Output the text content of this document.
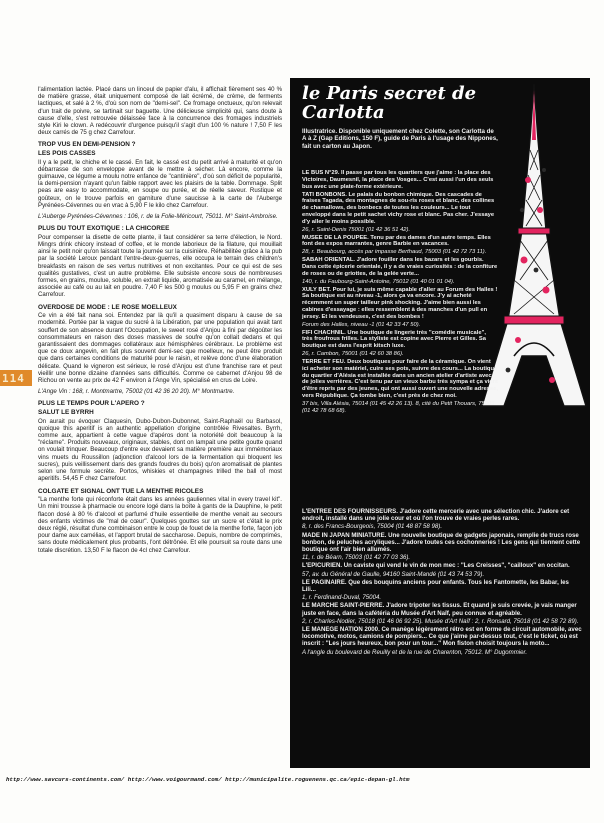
114

l'alimentation lactée. Placé dans un linceul de papier d'alu, il affichait fièrement ses 40 % de matière grasse, était uniquement composé de lait écrémé, de crème, de ferments lactiques, et salé à 2 %, d'où son nom de "demi-sel". Ce fromage onctueux, qu'on relevait d'un trait de poivre, se tartinait sur baguette. Une délicieuse simplicité qui, sans doute à cause d'elle, s'est retrouvée délaissée face à la concurrence des fromages industriels style Kiri le clown. A redécouvrir d'urgence puisqu'il s'agit d'un 100 % nature ! 7,50 F les deux carrés de 75 g chez Carrefour.

TROP VUS EN DEMI-PENSION ?
LES POIS CASSES

Il y a le petit, le chiche et le cassé. En fait, le cassé est du petit arrivé à maturité et qu'on débarrasse de son enveloppe avant de le mettre à sécher. Là encore, comme la guimauve, ce légume a moulu notre enfance de "cantinière", d'où son déficit de popularité, la demi-pension n'ayant qu'un faible rapport avec les plaisirs de la table. Dommage. Split peas are easy to accommodate, en soupe ou purée, et de réelle saveur. Rustique et goûteux, on le trouve parfois en garniture d'une saucisse à la carte de l'Auberge Pyrénées-Cévennes ou en vrac à 5,90 F le kilo chez Carrefour.

L'Auberge Pyrénées-Cévennes : 106, r. de la Folie-Méricourt, 75011. M° Saint-Ambroise.

PLUS DU TOUT EXOTIQUE : LA CHICOREE

Pour compenser la disette de cette plante, il faut considérer sa terre d'élection, le Nord. Mingrs drink chicory instead of coffee, et le monde laborieux de la filature, qui mouillait ainsi le petit noir qu'on laissait toute la journée sur la cuisinière. Réhabilitée grâce à la pub par la société Leroux pendant l'entre-deux-guerres, elle occupa le terrain des children's breakfasts en raison de ses vertus nutritives et non excitantes. Pour ce qui est de ses qualités gustatives, c'est un autre problème. Elle subsiste encore sous de nombreuses formes, en grains, moulue, soluble, en extrait liquide, aromatisée au caramel, en mélange, associée au café ou au lait en poudre. 7,40 F les 500 g moulus ou 5,95 F en grains chez Carrefour.

OVERDOSE DE MODE : LE ROSE MOELLEUX

Ce vin a été fait nana soi. Entendez par là qu'il a quasiment disparu à cause de sa modernité. Portée par la vague du sucré à la Libération, par une population qui avait tant souffert de son absence durant l'Occupation, le sweet rosé d'Anjou à fini par dégoûter les consommateurs en raison des doses massives de soufre qu'on collait dedans et qui garantissaient des dommages collatéraux aux hémisphères cérébraux. Le problème est que ce doux angevin, en fait plus souvent demi-sec que moelleux, ne peut être produit que dans certaines conditions de maturité pour le raisin, et relève donc d'une élaboration délicate. Quand le vigneron est sérieux, le rosé d'Anjou est d'une franchise rare et peut vieillir une bonne dizaine d'années sans difficultés. Comme ce cabernet d'Anjou 98 de Richou on vente au prix de 42 F environ à l'Ange Vin, spécialisé en crus de Loire.

L'Ange Vin : 168, r. Montmartre, 75002 (01 42 36 20 20). M° Montmartre.

PLUS LE TEMPS POUR L'APERO ?
SALUT LE BYRRH

On aurait pu évoquer Claquesin, Dubo-Dubon-Dubonnet, Saint-Raphaël ou Barbasol, quoique this aperitif is an authentic appellation d'origine contrôlée Rivesaltes. Byrrh, comme aux, appartient à cette vague d'apéros dont la notoriété doit beaucoup à la "réclame". Produits nouveaux, originaux, stables, dont on lampait une petite goutte quand on voulait trinquer. Beaucoup d'entre eux devaient sa matière première aux immémoriaux vins muets du Roussillon (adjonction d'alcool lors de la fermentation qui bloquent les sucres), puis veillissement dans des grands foudres du bois) qu'on aromatisait de plantes selon une formule secrète. Portos, whiskies et champagnes trilled the ball of most aperitifs. 54,45 F chez Carrefour.

COLGATE ET SIGNAL ONT TUE LA MENTHE RICOLES

"La menthe forte qui réconforte était dans les années gauliennes vital in every travel kit". Un mini trousse à pharmacie ou encore logé dans la boîte à gants de la Dauphine, le petit flacon dosé à 80 % d'alcool et parfumé d'huile essentielle de menthe venait au secours des enfants victimes de "mal de cœur". Quelques gouttes sur un sucre et c'était le prix deux réglé, résultat d'une combinaison entre le coup de fouet de la menthe forte, façon job pour dame aux camélias, et l'apport brutal de saccharose. Depuis, nombre de comprimés, sans doute médicalement plus probants, l'ont détrônée. Et elle poursuit sa route dans une totale discrétion. 13,50 F le flacon de 4cl chez Carrefour.

le Paris secret de Carlotta
Illustratrice. Disponible uniquement chez Colette, son Carlotta de A à Z (Gap Editions, 150 F), guide de Paris à l'usage des Nippones, fait un carton au Japon.

LE BUS N°29. Il passe par tous les quartiers que j'aime : la place des Victoires, Daumesnil, la place des Vosges... C'est aussi l'un des seuls bus avec une plate-forme extérieure.

TATI BONBONS. Le palais du bonbon chimique. Des cascades de fraises Tagada, des montagnes de sou-ris roses et blanc, des collines de chamallows, des bonbecs de toutes les couleurs... Le tout enveloppé dans le petit sachet vichy rose et blanc. Pas cher. J'essaye d'y aller le moins possible.

26, r. Saint-Denis 75001 (01 42 36 51 42).

MUSEE DE LA POUPEE. Tenu par des dames d'un autre temps. Elles font des expos marrantes, genre Barbie en vacances.

28, r. Beaubourg, accès par impasse Berthaud, 75003 (01 42 72 73 11).

SABAH ORIENTAL. J'adore fouiller dans les bazars et les gourbis. Dans cette épicerie orientale, il y a de vraies curiosités : de la confiture de roses ou de griottes, de la gelée verte...

140, r. du Faubourg-Saint-Antoine, 75012 (01 40 01 01 04).

XULY BET. Pour lui, je suis même capable d'aller au Forum des Halles ! Sa boutique est au niveau -1, alors ça va encore. J'y ai acheté récemment un super tailleur pink shocking. J'aime bien aussi les cabines d'essayage : elles ressemblent à des manches d'un pull en jersey. Et les vendeuses, c'est des bombes !

Forum des Halles, niveau -1 (01 42 33 47 50).

FIFI CHACHNIL. Une boutique de lingerie très "comédie musicale", très froufrous frilles. La styliste est copine avec Pierre et Gilles. Sa boutique est dans l'esprit kitsch luxe.

26, r. Cambon, 75001 (01 42 60 38 86).

TERRE ET FEU. Deux boutiques pour faire de la céramique. On vient ici acheter son matériel, cuire ses pots, suivre des cours... La boutique du quartier d'Alésia est installée dans un ancien atelier d'artiste avec de jolies verrières. C'est tenu par un vieux barbu très sympa et ça vient d'être repris par des jeunes, qui ont aussi ouvert une nouvelle adresse, vers République. Ça tombe bien, c'est près de chez moi.

37 bis, Villa Alésia, 75014 (01 45 42 26 13). 8, cité du Petit Thouars, 75003 (01 42 78 68 68).

L'ENTREE DES FOURNISSEURS. J'adore cette mercerie avec une sélection chic. J'adore cet endroit, installé dans une jolie cour et où l'on trouve de vraies perles rares.

8, r. des Francs-Bourgeois, 75004 (01 48 87 58 98).

MADE IN JAPAN MINIATURE. Une nouvelle boutique de gadgets japonais, remplie de trucs rose bonbon, de peluches acryliques... J'adore toutes ces cochonneries ! Les gens qui tiennent cette boutique ont l'air bien allumés.

11, r. de Béarn, 75003 (01 42 77 03 36).

L'EPICURIEN. Un caviste qui vend le vin de mon mec : "Les Creisses", "cailloux" en occitan.

57, av. du Général de Gaulle, 94160 Saint-Mandé (01 43 74 53 79).

LE PAGINAIRE. Que des bouquins anciens pour enfants. Tous les Fantomette, les Babar, les Lili...

1, r. Ferdinand-Duval, 75004.

LE MARCHE SAINT-PIERRE. J'adore tripoter les tissus. Et quand je suis crevée, je vais manger juste en face, dans la cafétéria du Musée d'Art Naïf, peu connue et agréable.

2, r. Charles-Nodier, 75018 (01 46 06 92 25). Musée d'Art Naïf : 2, r. Ronsard, 75018 (01 42 58 72 89).

LE MANEGE NATION 2000. Ce manège légèrement rétro est en forme de circuit automobile, avec locomotive, motos, camions de pompiers... Ce que j'aime par-dessus tout, c'est le ticket, où est inscrit : "Les jours heureux, bon pour un tour..." Mon fiston choisit toujours la moto...

A l'angle du boulevard de Reuilly et de la rue de Charenton, 75012. M° Dugommier.

http://www.savcurs-continents.com/ http://www.voigourmand.com/ http://municipalite.roguenens.qc.ca/epic-depan-gl.htm
